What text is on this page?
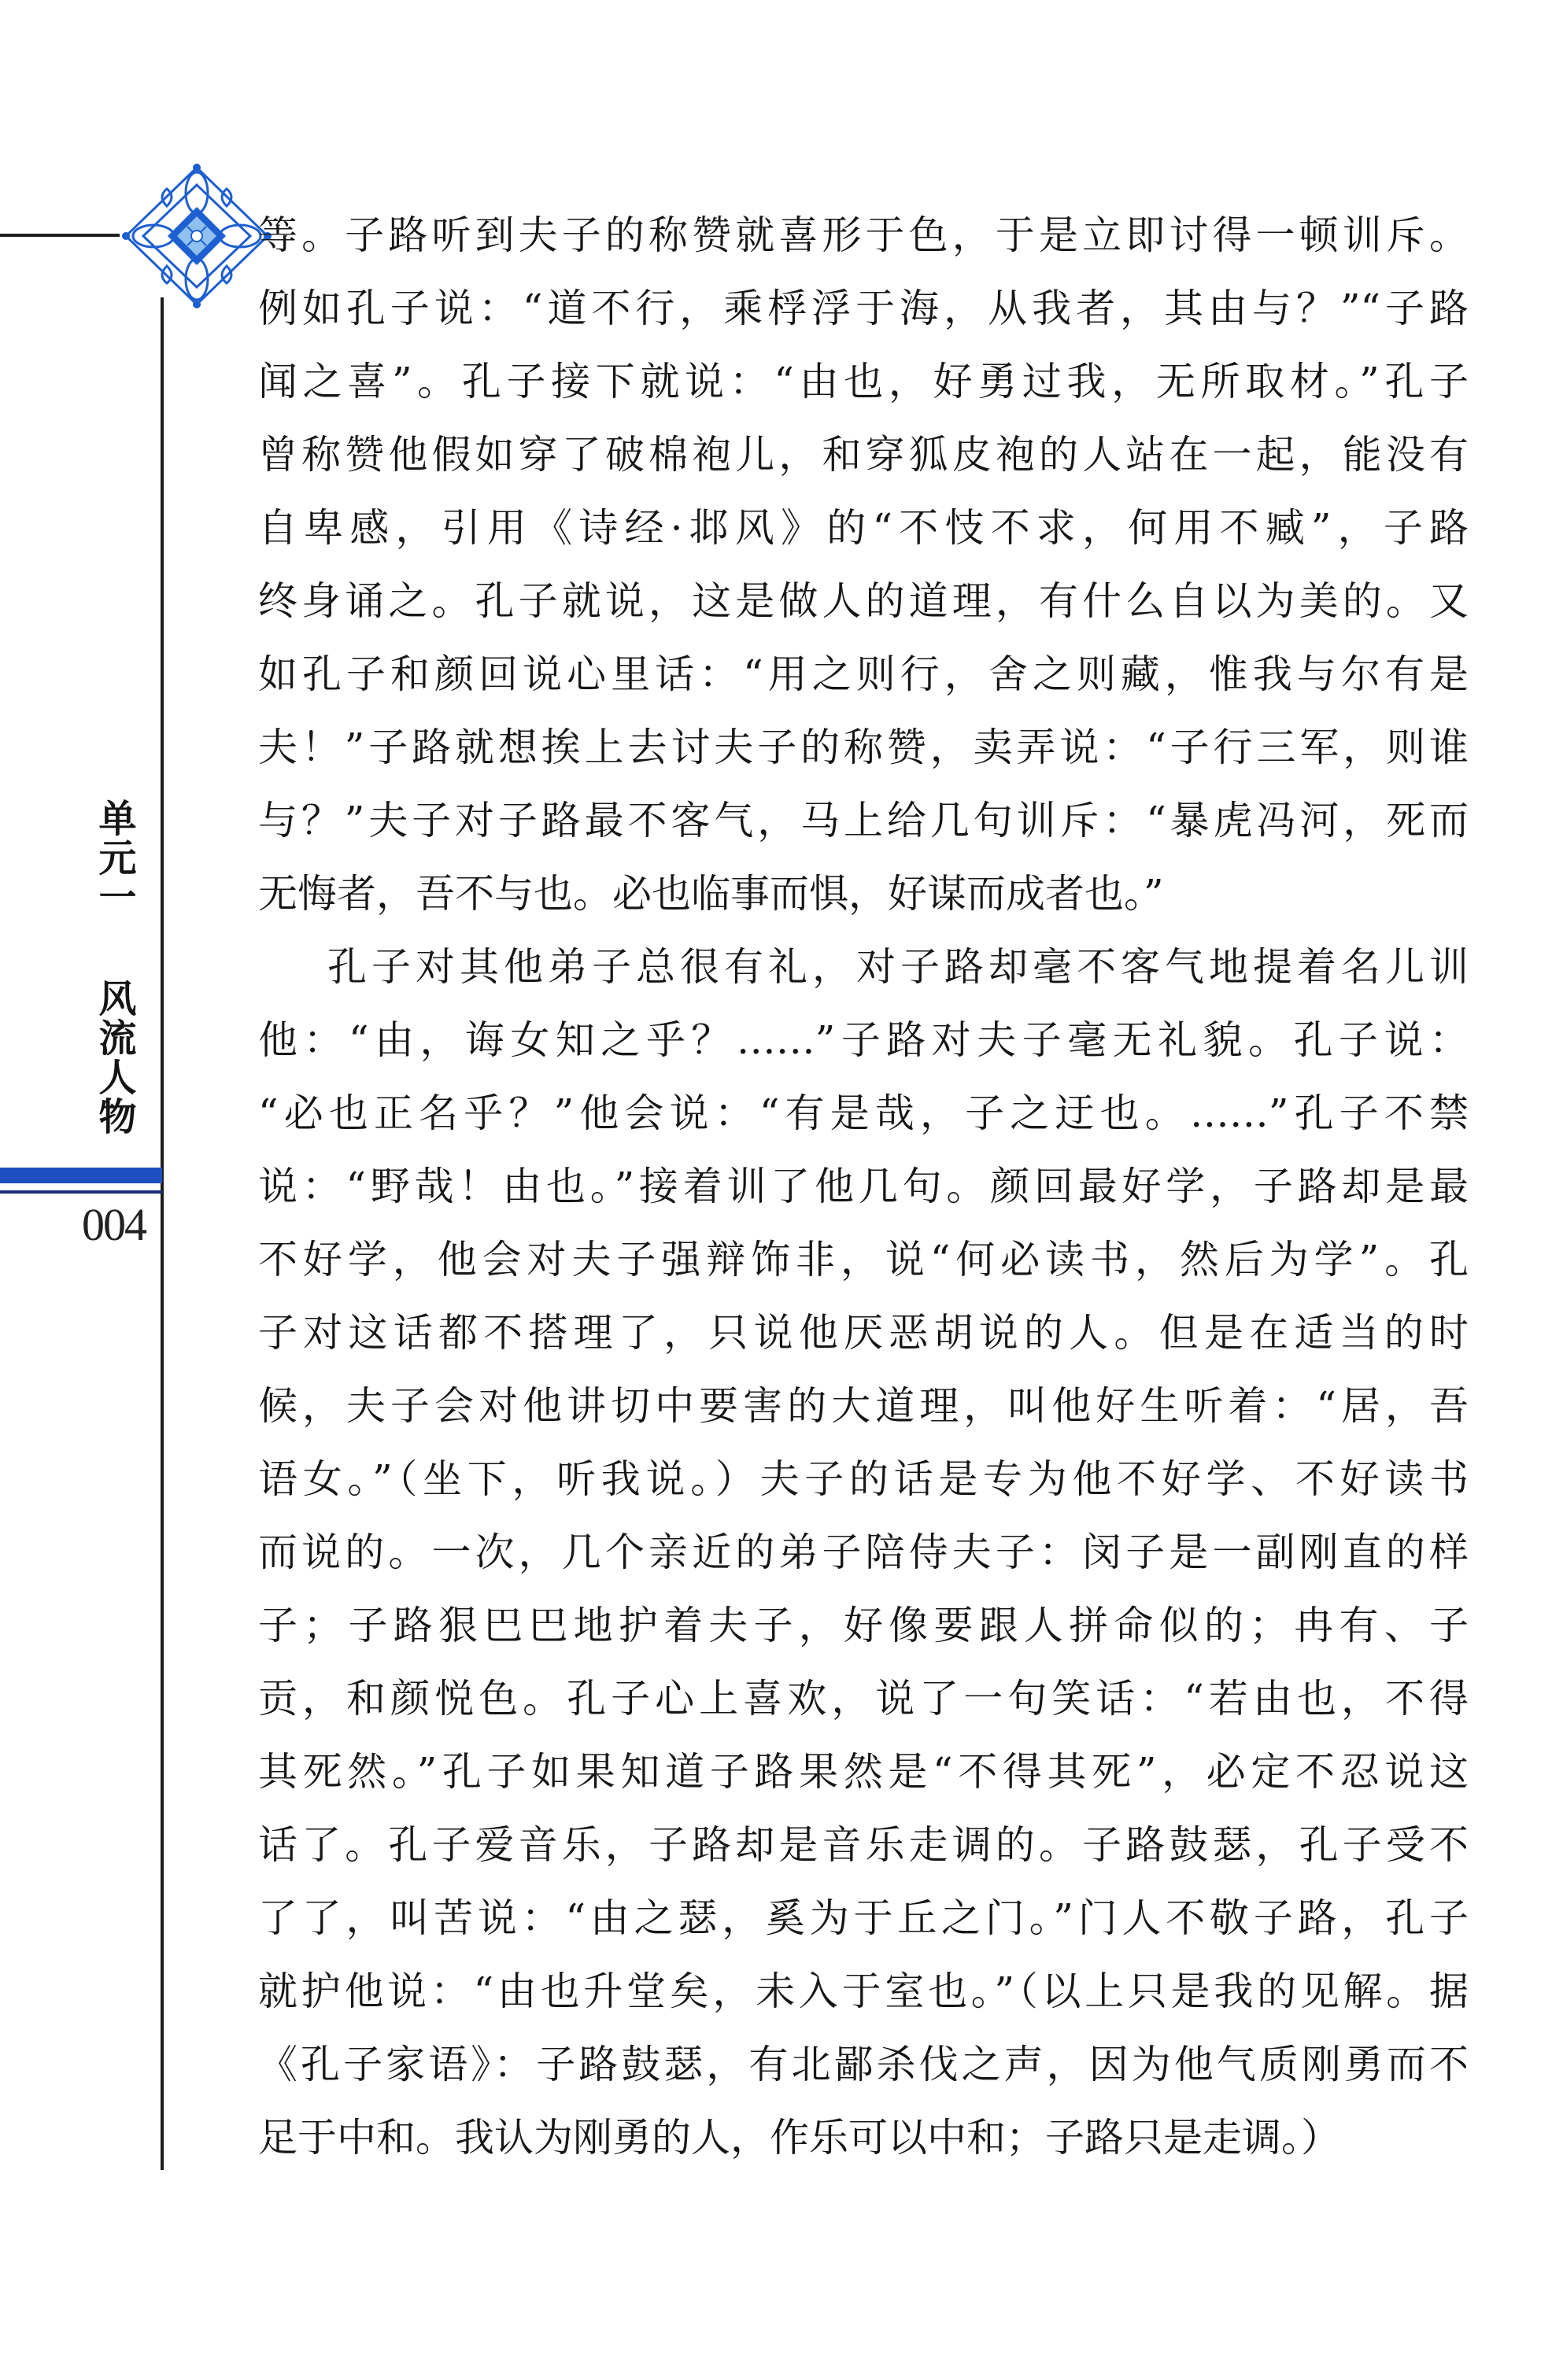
单元一
风流人物
004
等。子路听到夫子的称赞就喜形于色，于是立即讨得一顿训斥。
例如孔子说：“道不行，乘桴浮于海，从我者，其由与？”“子路
闻之喜”。孔子接下就说：“由也，好勇过我，无所取材。”孔子
曾称赞他假如穿了破棉袍儿，和穿狐皮袍的人站在一起，能没有
自卑感，引用《诗经·邶风》的“不忮不求，何用不臧”，子路
终身诵之。孔子就说，这是做人的道理，有什么自以为美的。又
如孔子和颜回说心里话：“用之则行，舍之则藏，惟我与尔有是
夫！”子路就想挨上去讨夫子的称赞，卖弄说：“子行三军，则谁
与？”夫子对子路最不客气，马上给几句训斥：“暴虎冯河，死而
无悔者，吾不与也。必也临事而惧，好谋而成者也。”
孔子对其他弟子总很有礼，对子路却毫不客气地提着名儿训
他：“由，诲女知之乎？……”子路对夫子毫无礼貌。孔子说：
“必也正名乎？”他会说：“有是哉，子之迂也。……”孔子不禁
说：“野哉！由也。”接着训了他几句。颜回最好学，子路却是最
不好学，他会对夫子强辩饰非，说“何必读书，然后为学”。孔
子对这话都不搭理了，只说他厌恶胡说的人。但是在适当的时
候，夫子会对他讲切中要害的大道理，叫他好生听着：“居，吾
语女。”（坐下，听我说。）夫子的话是专为他不好学、不好读书
而说的。一次，几个亲近的弟子陪侍夫子：闵子是一副刚直的样
子；子路狠巴巴地护着夫子，好像要跟人拼命似的；冉有、子
贡，和颜悦色。孔子心上喜欢，说了一句笑话：“若由也，不得
其死然。”孔子如果知道子路果然是“不得其死”，必定不忍说这
话了。孔子爱音乐，子路却是音乐走调的。子路鼓瑟，孔子受不
了了，叫苦说：“由之瑟，奚为于丘之门。”门人不敬子路，孔子
就护他说：“由也升堂矣，未入于室也。”（以上只是我的见解。据
《孔子家语》：子路鼓瑟，有北鄙杀伐之声，因为他气质刚勇而不
足于中和。我认为刚勇的人，作乐可以中和；子路只是走调。）
